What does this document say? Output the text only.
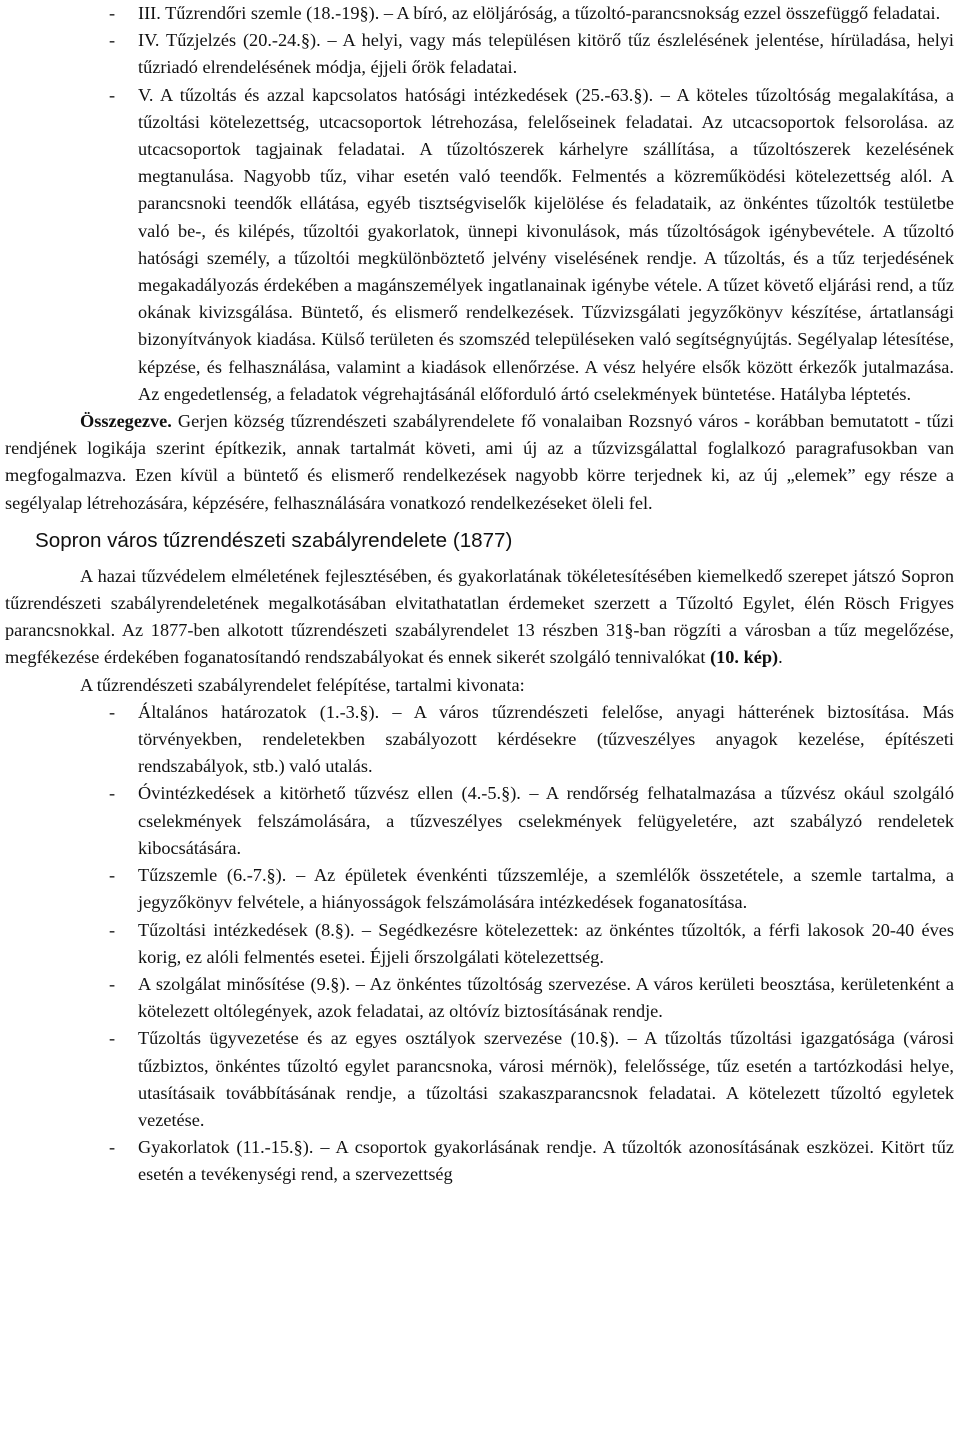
- III. Tűzrendőri szemle (18.-19§). – A bíró, az elöljáróság, a tűzoltó-parancsnokság ezzel összefüggő feladatai.
- IV. Tűzjelzés (20.-24.§). – A helyi, vagy más településen kitörő tűz észlelésének jelentése, hírüladása, helyi tűzriadó elrendelésének módja, éjjeli őrök feladatai.
- V. A tűzoltás és azzal kapcsolatos hatósági intézkedések (25.-63.§). – A köteles tűzoltóság megalakítása, a tűzoltási kötelezettség, utcacsoportok létrehozása, felelőseinek feladatai. Az utcacsoportok felsorolása. az utcacsoportok tagjainak feladatai. A tűzoltószerek kárhelyre szállítása, a tűzoltószerek kezelésének megtanulása. Nagyobb tűz, vihar esetén való teendők. Felmentés a közreműködési kötelezettség alól. A parancsnoki teendők ellátása, egyéb tisztségviselők kijelölése és feladataik, az önkéntes tűzoltók testületbe való be-, és kilépés, tűzoltói gyakorlatok, ünnepi kivonulások, más tűzoltóságok igénybevétele. A tűzoltó hatósági személy, a tűzoltói megkülönböztető jelvény viselésének rendje. A tűzoltás, és a tűz terjedésének megakadályozás érdekében a magánszemélyek ingatlanainak igénybe vétele. A tűzet követő eljárási rend, a tűz okának kivizsgálása. Büntető, és elismerő rendelkezések. Tűzvizsgálati jegyzőkönyv készítése, ártatlansági bizonyítványok kiadása. Külső területen és szomszéd településeken való segítségnyújtás. Segélyalap létesítése, képzése, és felhasználása, valamint a kiadások ellenőrzése. A vész helyére elsők között érkezők jutalmazása. Az engedetlenség, a feladatok végrehajtásánál előforduló ártó cselekmények büntetése. Hatályba léptetés.
Összegezve. Gerjen község tűzrendészeti szabályrendelete fő vonalaiban Rozsnyó város - korábban bemutatott - tűzi rendjének logikája szerint építkezik, annak tartalmát követi, ami új az a tűzvizsgálattal foglalkozó paragrafusokban van megfogalmazva. Ezen kívül a büntető és elismerő rendelkezések nagyobb körre terjednek ki, az új „elemek” egy része a segélyalap létrehozására, képzésére, felhasználására vonatkozó rendelkezéseket öleli fel.
Sopron város tűzrendészeti szabályrendelete (1877)
A hazai tűzvédelem elméletének fejlesztésében, és gyakorlatának tökéletesítésében kiemelkedő szerepet játszó Sopron tűzrendészeti szabályrendeletének megalkotásában elvitathatatlan érdemeket szerzett a Tűzoltó Egylet, élén Rösch Frigyes parancsnokkal. Az 1877-ben alkotott tűzrendészeti szabályrendelet 13 részben 31§-ban rögzíti a városban a tűz megelőzése, megfékezése érdekében foganatosítandó rendszabályokat és ennek sikerét szolgáló tennivalókat (10. kép).
A tűzrendészeti szabályrendelet felépítése, tartalmi kivonata:
- Általános határozatok (1.-3.§). – A város tűzrendészeti felelőse, anyagi hátterének biztosítása. Más törvényekben, rendeletekben szabályozott kérdésekre (tűzveszélyes anyagok kezelése, építészeti rendszabályok, stb.) való utalás.
- Óvintézkedések a kitörhető tűzvész ellen (4.-5.§). – A rendőrség felhatalmazása a tűzvész okául szolgáló cselekmények felszámolására, a tűzveszélyes cselekmények felügyeletére, azt szabályzó rendeletek kibocsátására.
- Tűzszemle (6.-7.§). – Az épületek évenkénti tűzszemléje, a szemlélők összetétele, a szemle tartalma, a jegyzőkönyv felvétele, a hiányosságok felszámolására intézkedések foganatosítása.
- Tűzoltási intézkedések (8.§). – Segédkezésre kötelezettek: az önkéntes tűzoltók, a férfi lakosok 20-40 éves korig, ez alóli felmentés esetei. Éjjeli őrszolgálati kötelezettség.
- A szolgálat minősítése (9.§). – Az önkéntes tűzoltóság szervezése. A város kerületi beosztása, kerületenként a kötelezett oltólegények, azok feladatai, az oltóvíz biztosításának rendje.
- Tűzoltás ügyvezetése és az egyes osztályok szervezése (10.§). – A tűzoltás tűzoltási igazgatósága (városi tűzbiztos, önkéntes tűzoltó egylet parancsnoka, városi mérnök), felelőssége, tűz esetén a tartózkodási helye, utasításaik továbbításának rendje, a tűzoltási szakaszparancsnok feladatai. A kötelezett tűzoltó egyletek vezetése.
- Gyakorlatok (11.-15.§). – A csoportok gyakorlásának rendje. A tűzoltók azonosításának eszközei. Kitört tűz esetén a tevékenységi rend, a szervezettség
